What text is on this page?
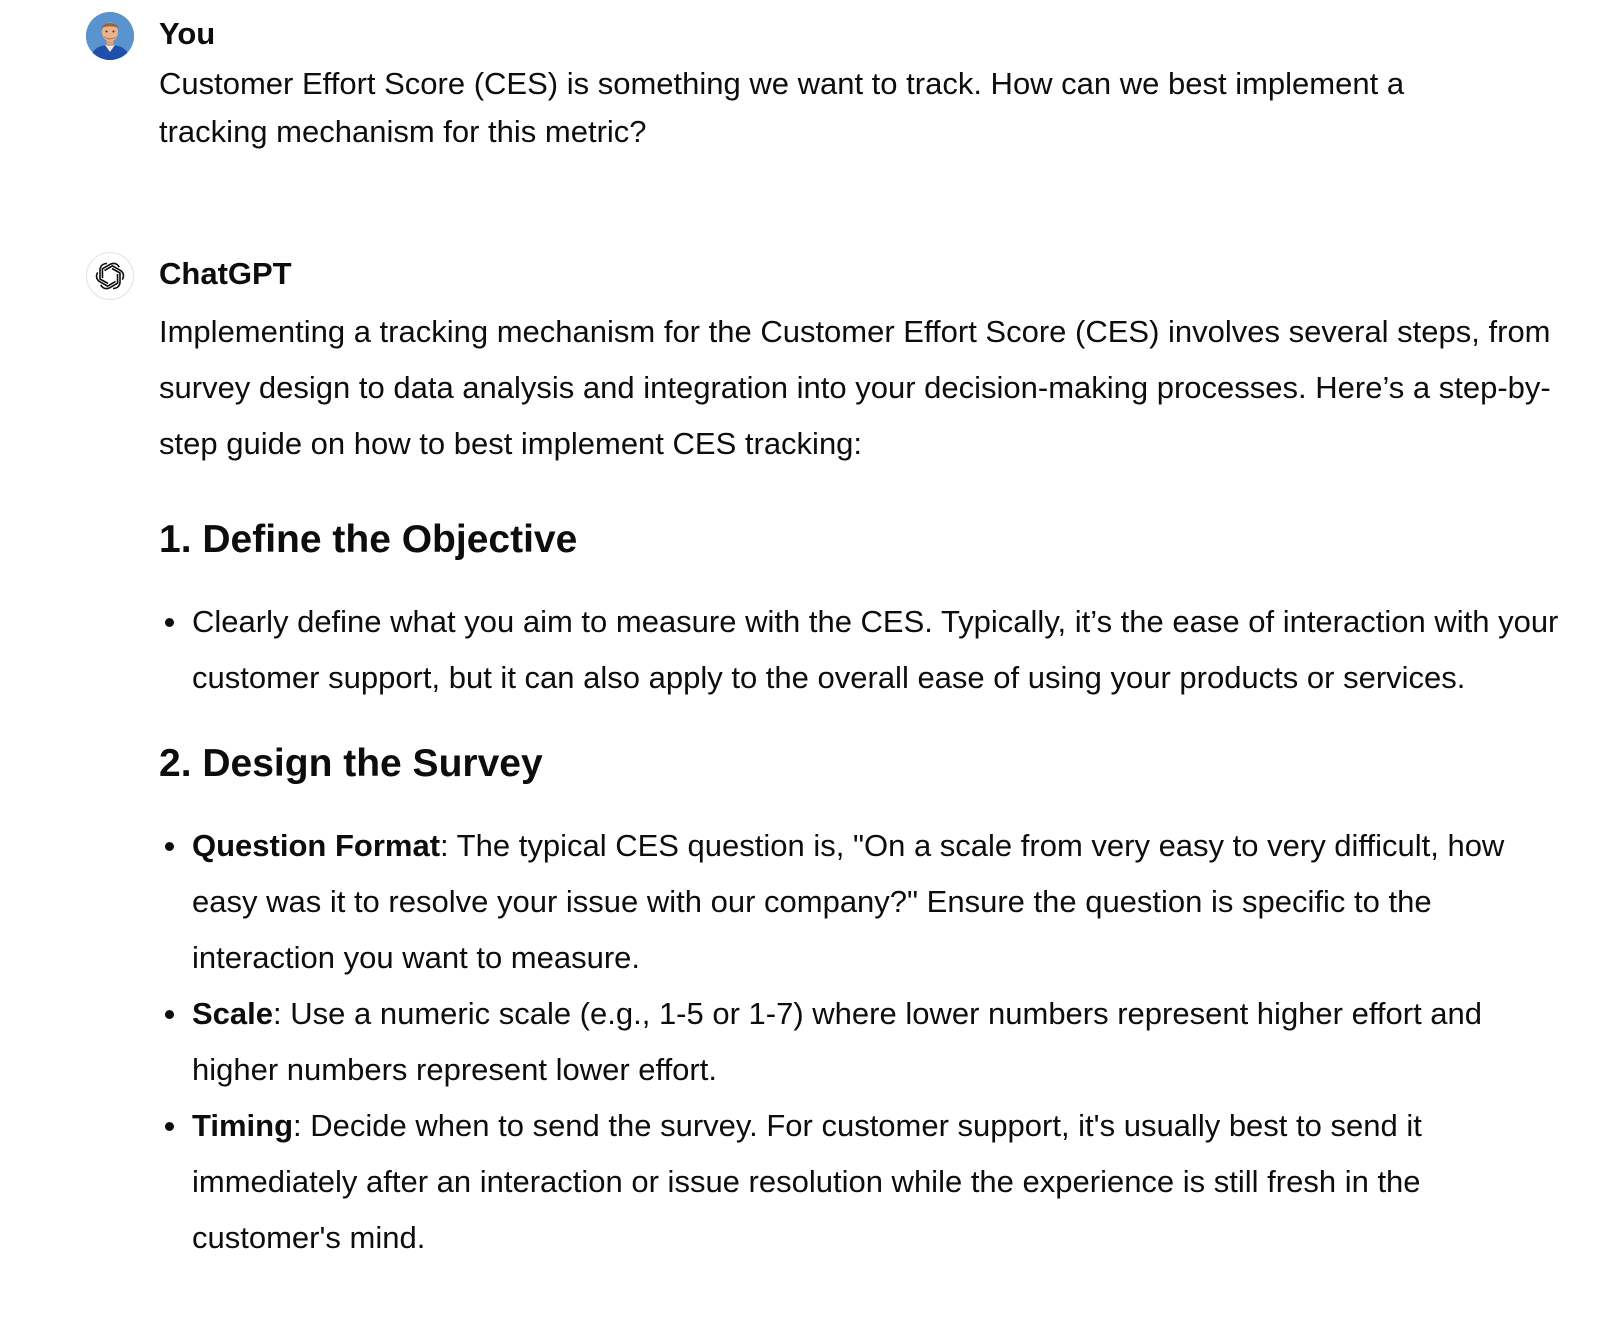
You
Customer Effort Score (CES) is something we want to track. How can we best implement a tracking mechanism for this metric?
ChatGPT

Implementing a tracking mechanism for the Customer Effort Score (CES) involves several steps, from survey design to data analysis and integration into your decision-making processes. Here’s a step-by-step guide on how to best implement CES tracking:

1. Define the Objective
Clearly define what you aim to measure with the CES. Typically, it’s the ease of interaction with your customer support, but it can also apply to the overall ease of using your products or services.
2. Design the Survey
Question Format: The typical CES question is, "On a scale from very easy to very difficult, how easy was it to resolve your issue with our company?" Ensure the question is specific to the interaction you want to measure.
Scale: Use a numeric scale (e.g., 1-5 or 1-7) where lower numbers represent higher effort and higher numbers represent lower effort.
Timing: Decide when to send the survey. For customer support, it's usually best to send it immediately after an interaction or issue resolution while the experience is still fresh in the customer's mind.
